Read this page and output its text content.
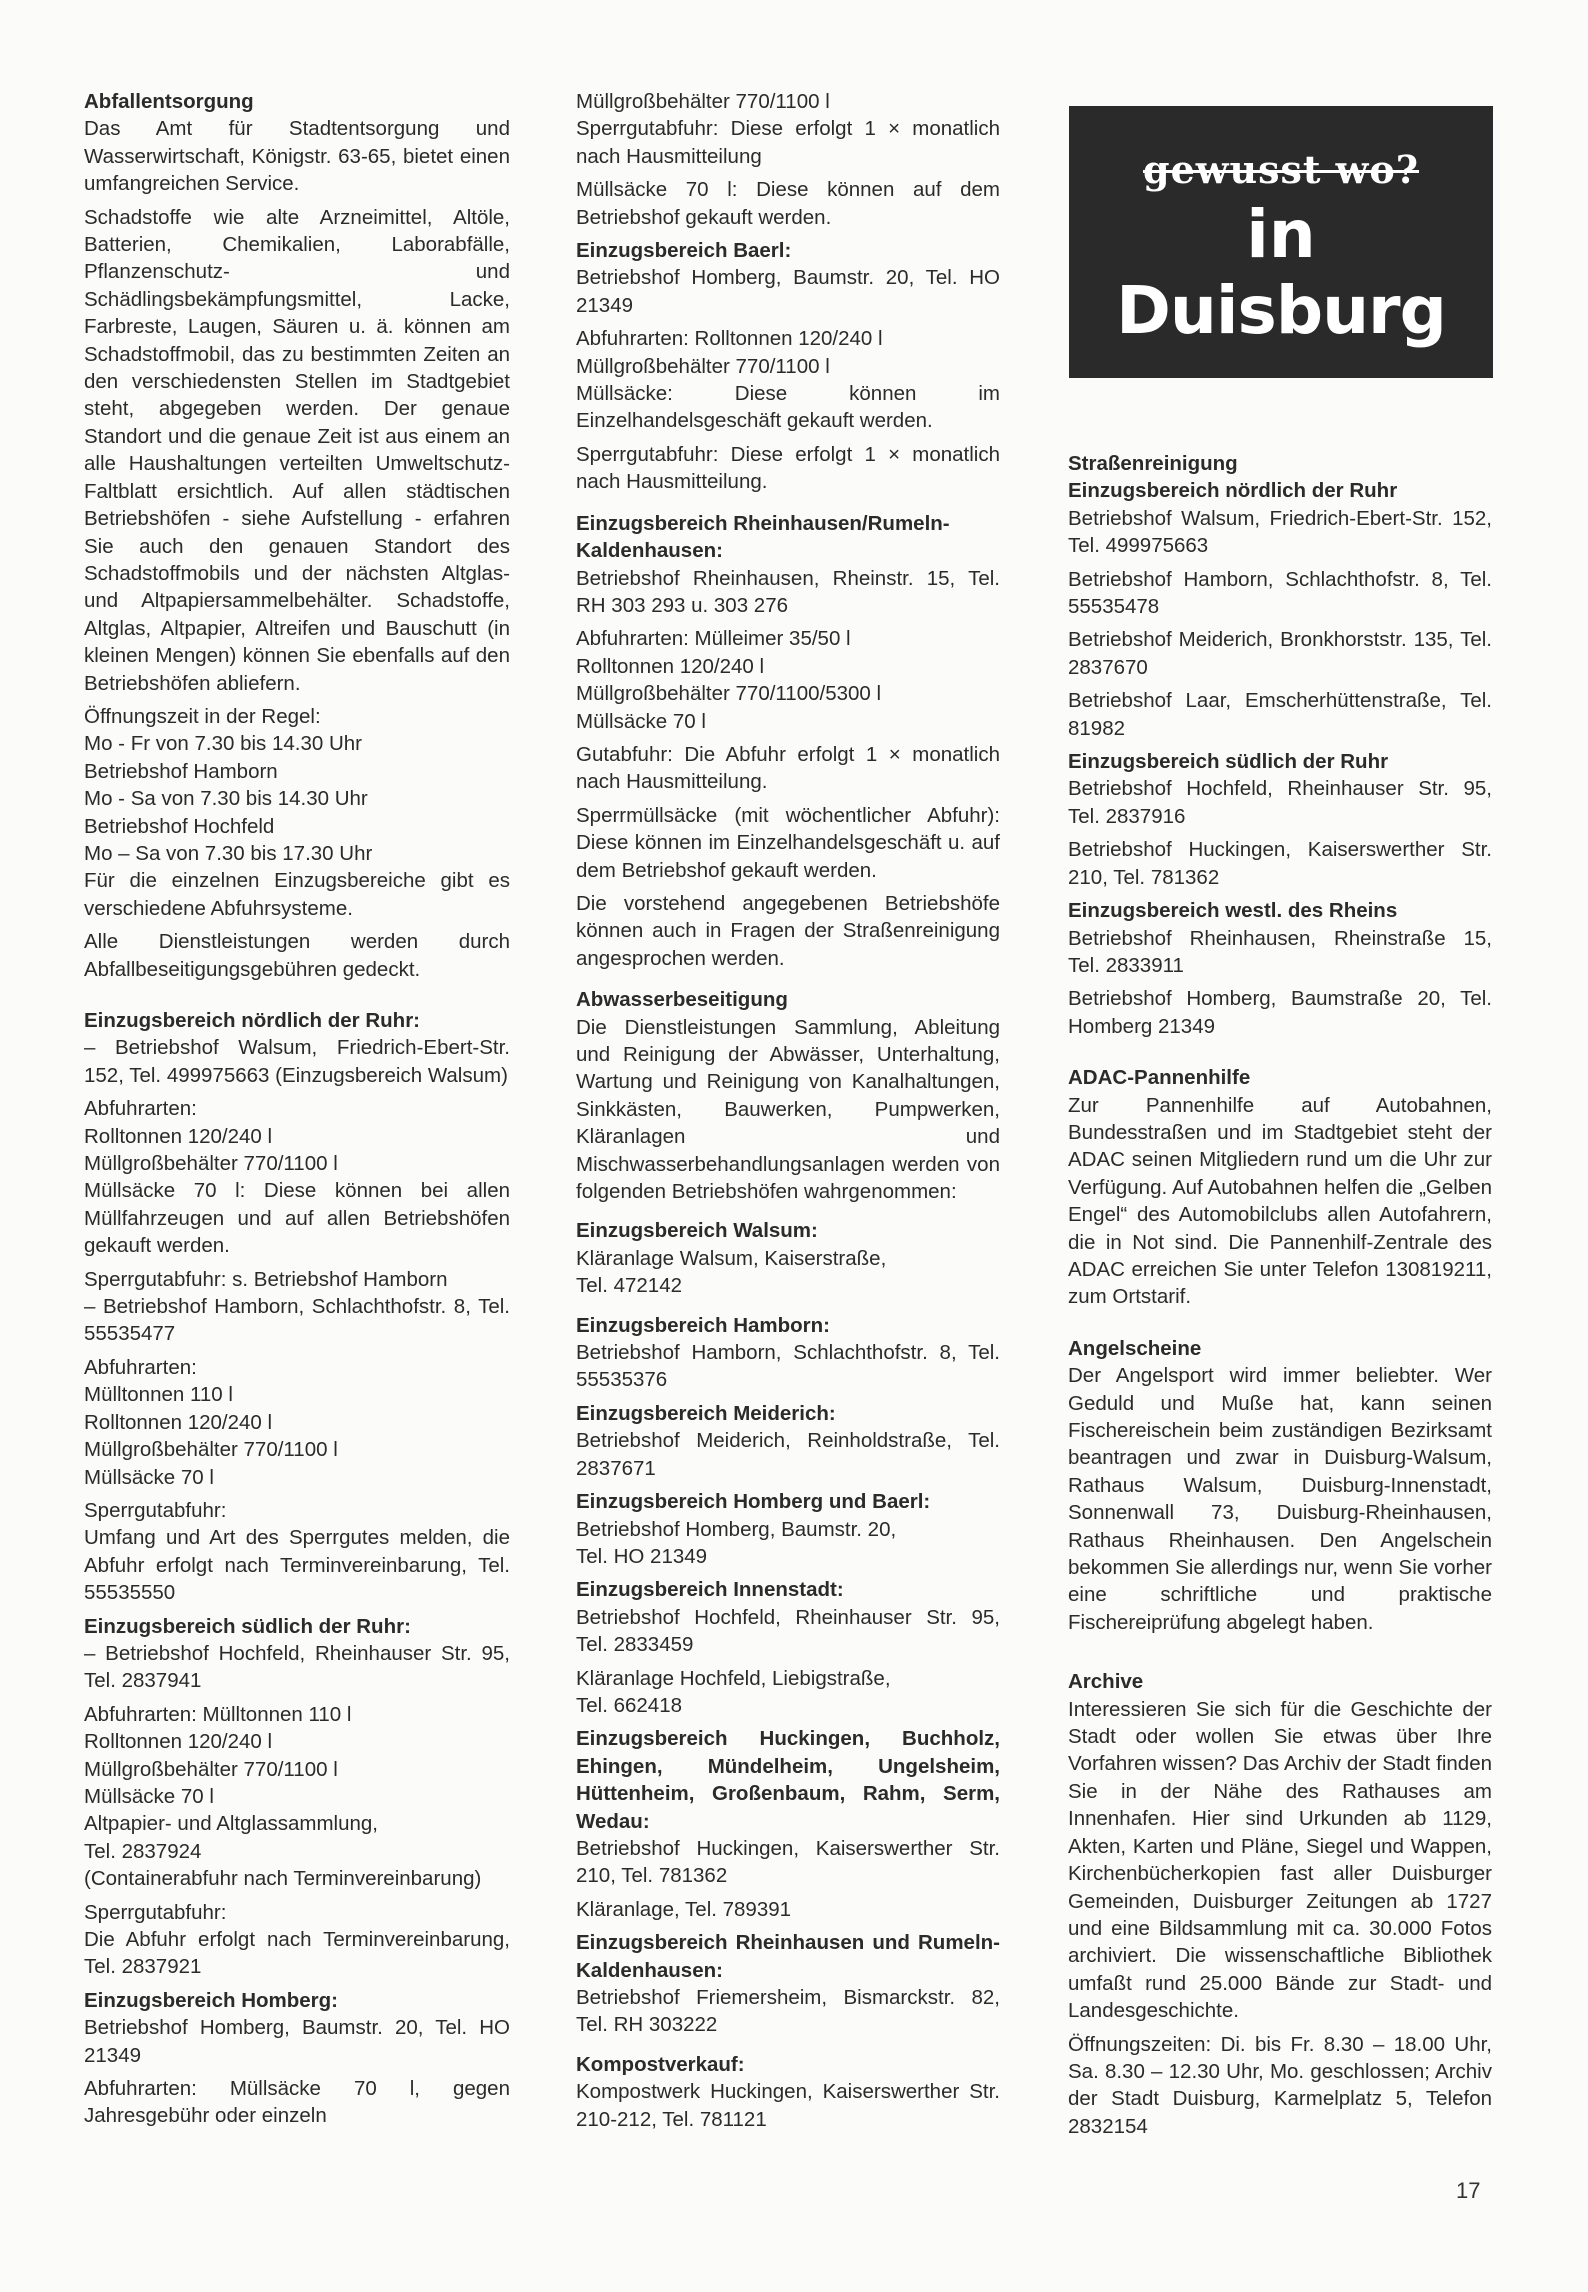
Abfallentsorgung

Das Amt für Stadtentsorgung und Wasserwirtschaft, Königstr. 63-65, bietet einen umfangreichen Service.

Schadstoffe wie alte Arzneimittel, Altöle, Batterien, Chemikalien, Laborabfälle, Pflanzenschutz- und Schädlingsbekämpfungsmittel, Lacke, Farbreste, Laugen, Säuren u. ä. können am Schadstoffmobil, das zu bestimmten Zeiten an den verschiedensten Stellen im Stadtgebiet steht, abgegeben werden. Der genaue Standort und die genaue Zeit ist aus einem an alle Haushaltungen verteilten Umweltschutz-Faltblatt ersichtlich. Auf allen städtischen Betriebshöfen - siehe Aufstellung - erfahren Sie auch den genauen Standort des Schadstoffmobils und der nächsten Altglas- und Altpapiersammelbehälter. Schadstoffe, Altglas, Altpapier, Altreifen und Bauschutt (in kleinen Mengen) können Sie ebenfalls auf den Betriebshöfen abliefern.

Öffnungszeit in der Regel:
Mo - Fr von 7.30 bis 14.30 Uhr
Betriebshof Hamborn
Mo - Sa von 7.30 bis 14.30 Uhr
Betriebshof Hochfeld
Mo – Sa von 7.30 bis 17.30 Uhr

Für die einzelnen Einzugsbereiche gibt es verschiedene Abfuhrsysteme.

Alle Dienstleistungen werden durch Abfallbeseitigungsgebühren gedeckt.

Einzugsbereich nördlich der Ruhr:

– Betriebshof Walsum, Friedrich-Ebert-Str. 152, Tel. 499975663 (Einzugsbereich Walsum)

Abfuhrarten:
Rolltonnen 120/240 l
Müllgroßbehälter 770/1100 l

Müllsäcke 70 l: Diese können bei allen Müllfahrzeugen und auf allen Betriebshöfen gekauft werden.

Sperrgutabfuhr: s. Betriebshof Hamborn

– Betriebshof Hamborn, Schlachthofstr. 8, Tel. 55535477

Abfuhrarten:
Mülltonnen 110 l
Rolltonnen 120/240 l
Müllgroßbehälter 770/1100 l

Müllsäcke 70 l

Sperrgutabfuhr:

Umfang und Art des Sperrgutes melden, die Abfuhr erfolgt nach Terminvereinbarung, Tel. 55535550

Einzugsbereich südlich der Ruhr:

– Betriebshof Hochfeld, Rheinhauser Str. 95, Tel. 2837941

Abfuhrarten: Mülltonnen 110 l
Rolltonnen 120/240 l
Müllgroßbehälter 770/1100 l
Müllsäcke 70 l
Altpapier- und Altglassammlung,
Tel. 2837924

(Containerabfuhr nach Terminvereinbarung)

Sperrgutabfuhr:

Die Abfuhr erfolgt nach Terminvereinbarung, Tel. 2837921

Einzugsbereich Homberg:

Betriebshof Homberg, Baumstr. 20, Tel. HO 21349

Abfuhrarten: Müllsäcke 70 l, gegen Jahresgebühr oder einzeln

Müllgroßbehälter 770/1100 l

Sperrgutabfuhr: Diese erfolgt 1 × monatlich nach Hausmitteilung

Müllsäcke 70 l: Diese können auf dem Betriebshof gekauft werden.

Einzugsbereich Baerl:

Betriebshof Homberg, Baumstr. 20, Tel. HO 21349

Abfuhrarten: Rolltonnen 120/240 l
Müllgroßbehälter 770/1100 l

Müllsäcke: Diese können im Einzelhandelsgeschäft gekauft werden.

Sperrgutabfuhr: Diese erfolgt 1 × monatlich nach Hausmitteilung.

Einzugsbereich Rheinhausen/Rumeln-Kaldenhausen:

Betriebshof Rheinhausen, Rheinstr. 15, Tel. RH 303 293 u. 303 276

Abfuhrarten: Mülleimer 35/50 l
Rolltonnen 120/240 l
Müllgroßbehälter 770/1100/5300 l

Müllsäcke 70 l

Gutabfuhr: Die Abfuhr erfolgt 1 × monatlich nach Hausmitteilung.

Sperrmüllsäcke (mit wöchentlicher Abfuhr): Diese können im Einzelhandelsgeschäft u. auf dem Betriebshof gekauft werden.

Die vorstehend angegebenen Betriebshöfe können auch in Fragen der Straßenreinigung angesprochen werden.

Abwasserbeseitigung

Die Dienstleistungen Sammlung, Ableitung und Reinigung der Abwässer, Unterhaltung, Wartung und Reinigung von Kanalhaltungen, Sinkkästen, Bauwerken, Pumpwerken, Kläranlagen und Mischwasserbehandlungsanlagen werden von folgenden Betriebshöfen wahrgenommen:

Einzugsbereich Walsum:
Kläranlage Walsum, Kaiserstraße,

Tel. 472142

Einzugsbereich Hamborn:

Betriebshof Hamborn, Schlachthofstr. 8, Tel. 55535376

Einzugsbereich Meiderich:

Betriebshof Meiderich, Reinholdstraße, Tel. 2837671

Einzugsbereich Homberg und Baerl:
Betriebshof Homberg, Baumstr. 20,

Tel. HO 21349

Einzugsbereich Innenstadt:

Betriebshof Hochfeld, Rheinhauser Str. 95, Tel. 2833459

Kläranlage Hochfeld, Liebigstraße,

Tel. 662418

Einzugsbereich Huckingen, Buchholz, Ehingen, Mündelheim, Ungelsheim, Hüttenheim, Großenbaum, Rahm, Serm, Wedau:

Betriebshof Huckingen, Kaiserswerther Str. 210, Tel. 781362

Kläranlage, Tel. 789391

Einzugsbereich Rheinhausen und Rumeln-Kaldenhausen:

Betriebshof Friemersheim, Bismarckstr. 82, Tel. RH 303222

Kompostverkauf:

Kompostwerk Huckingen, Kaiserswerther Str. 210-212, Tel. 781121

gewusst wo?
in
Duisburg
Straßenreinigung
Einzugsbereich nördlich der Ruhr

Betriebshof Walsum, Friedrich-Ebert-Str. 152, Tel. 499975663

Betriebshof Hamborn, Schlachthofstr. 8, Tel. 55535478

Betriebshof Meiderich, Bronkhorststr. 135, Tel. 2837670

Betriebshof Laar, Emscherhüttenstraße, Tel. 81982

Einzugsbereich südlich der Ruhr

Betriebshof Hochfeld, Rheinhauser Str. 95, Tel. 2837916

Betriebshof Huckingen, Kaiserswerther Str. 210, Tel. 781362

Einzugsbereich westl. des Rheins

Betriebshof Rheinhausen, Rheinstraße 15, Tel. 2833911

Betriebshof Homberg, Baumstraße 20, Tel. Homberg 21349

ADAC-Pannenhilfe

Zur Pannenhilfe auf Autobahnen, Bundesstraßen und im Stadtgebiet steht der ADAC seinen Mitgliedern rund um die Uhr zur Verfügung. Auf Autobahnen helfen die „Gelben Engel“ des Automobilclubs allen Autofahrern, die in Not sind. Die Pannenhilf-Zentrale des ADAC erreichen Sie unter Telefon 130819211, zum Ortstarif.

Angelscheine

Der Angelsport wird immer beliebter. Wer Geduld und Muße hat, kann seinen Fischereischein beim zuständigen Bezirksamt beantragen und zwar in Duisburg-Walsum, Rathaus Walsum, Duisburg-Innenstadt, Sonnenwall 73, Duisburg-Rheinhausen, Rathaus Rheinhausen. Den Angelschein bekommen Sie allerdings nur, wenn Sie vorher eine schriftliche und praktische Fischereiprüfung abgelegt haben.

Archive

Interessieren Sie sich für die Geschichte der Stadt oder wollen Sie etwas über Ihre Vorfahren wissen? Das Archiv der Stadt finden Sie in der Nähe des Rathauses am Innenhafen. Hier sind Urkunden ab 1129, Akten, Karten und Pläne, Siegel und Wappen, Kirchenbücherkopien fast aller Duisburger Gemeinden, Duisburger Zeitungen ab 1727 und eine Bildsammlung mit ca. 30.000 Fotos archiviert. Die wissenschaftliche Bibliothek umfaßt rund 25.000 Bände zur Stadt- und Landesgeschichte.

Öffnungszeiten: Di. bis Fr. 8.30 – 18.00 Uhr, Sa. 8.30 – 12.30 Uhr, Mo. geschlossen; Archiv der Stadt Duisburg, Karmelplatz 5, Telefon 2832154

17
